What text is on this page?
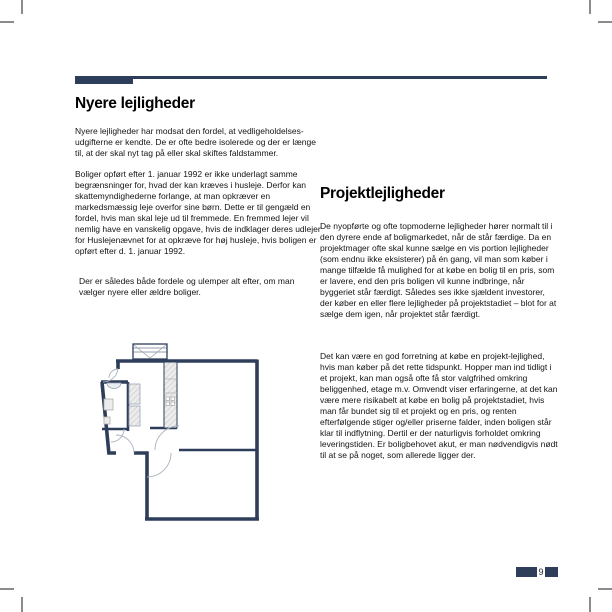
Nyere lejligheder
Nyere lejligheder har modsat den fordel, at vedligeholdelses-udgifterne er kendte. De er ofte bedre isolerede og der er længe til, at der skal nyt tag på eller skal skiftes faldstammer.
Boliger opført efter 1. januar 1992 er ikke underlagt samme begrænsninger for, hvad der kan kræves i husleje. Derfor kan skattemyndighederne forlange, at man opkræver en markedsmæssig leje overfor sine børn. Dette er til gengæld en fordel, hvis man skal leje ud til fremmede. En fremmed lejer vil nemlig have en vanskelig opgave, hvis de indklager deres udlejer for Huslejenævnet for at opkræve for høj husleje, hvis boligen er opført efter d. 1. januar 1992.
Der er således både fordele og ulemper alt efter, om man vælger nyere eller ældre boliger.
Projektlejligheder
De nyopførte og ofte topmoderne lejligheder hører normalt til i den dyrere ende af boligmarkedet, når de står færdige. Da en projektmager ofte skal kunne sælge en vis portion lejligheder (som endnu ikke eksisterer) på én gang, vil man som køber i mange tilfælde få mulighed for at købe en bolig til en pris, som er lavere, end den pris boligen vil kunne indbringe, når byggeriet står færdigt. Således ses ikke sjældent investorer, der køber en eller flere lejligheder på projektstadiet – blot for at sælge dem igen, når projektet står færdigt.
Det kan være en god forretning at købe en projekt-lejlighed, hvis man køber på det rette tidspunkt. Hopper man ind tidligt i et projekt, kan man også ofte få stor valgfrihed omkring beliggenhed, etage m.v. Omvendt viser erfaringerne, at det kan være mere risikabelt at købe en bolig på projektstadiet, hvis man får bundet sig til et projekt og en pris, og renten efterfølgende stiger og/eller priserne falder, inden boligen står klar til indflytning. Dertil er der naturligvis forholdet omkring leveringstiden. Er boligbehovet akut, er man nødvendigvis nødt til at se på noget, som allerede ligger der.
9
